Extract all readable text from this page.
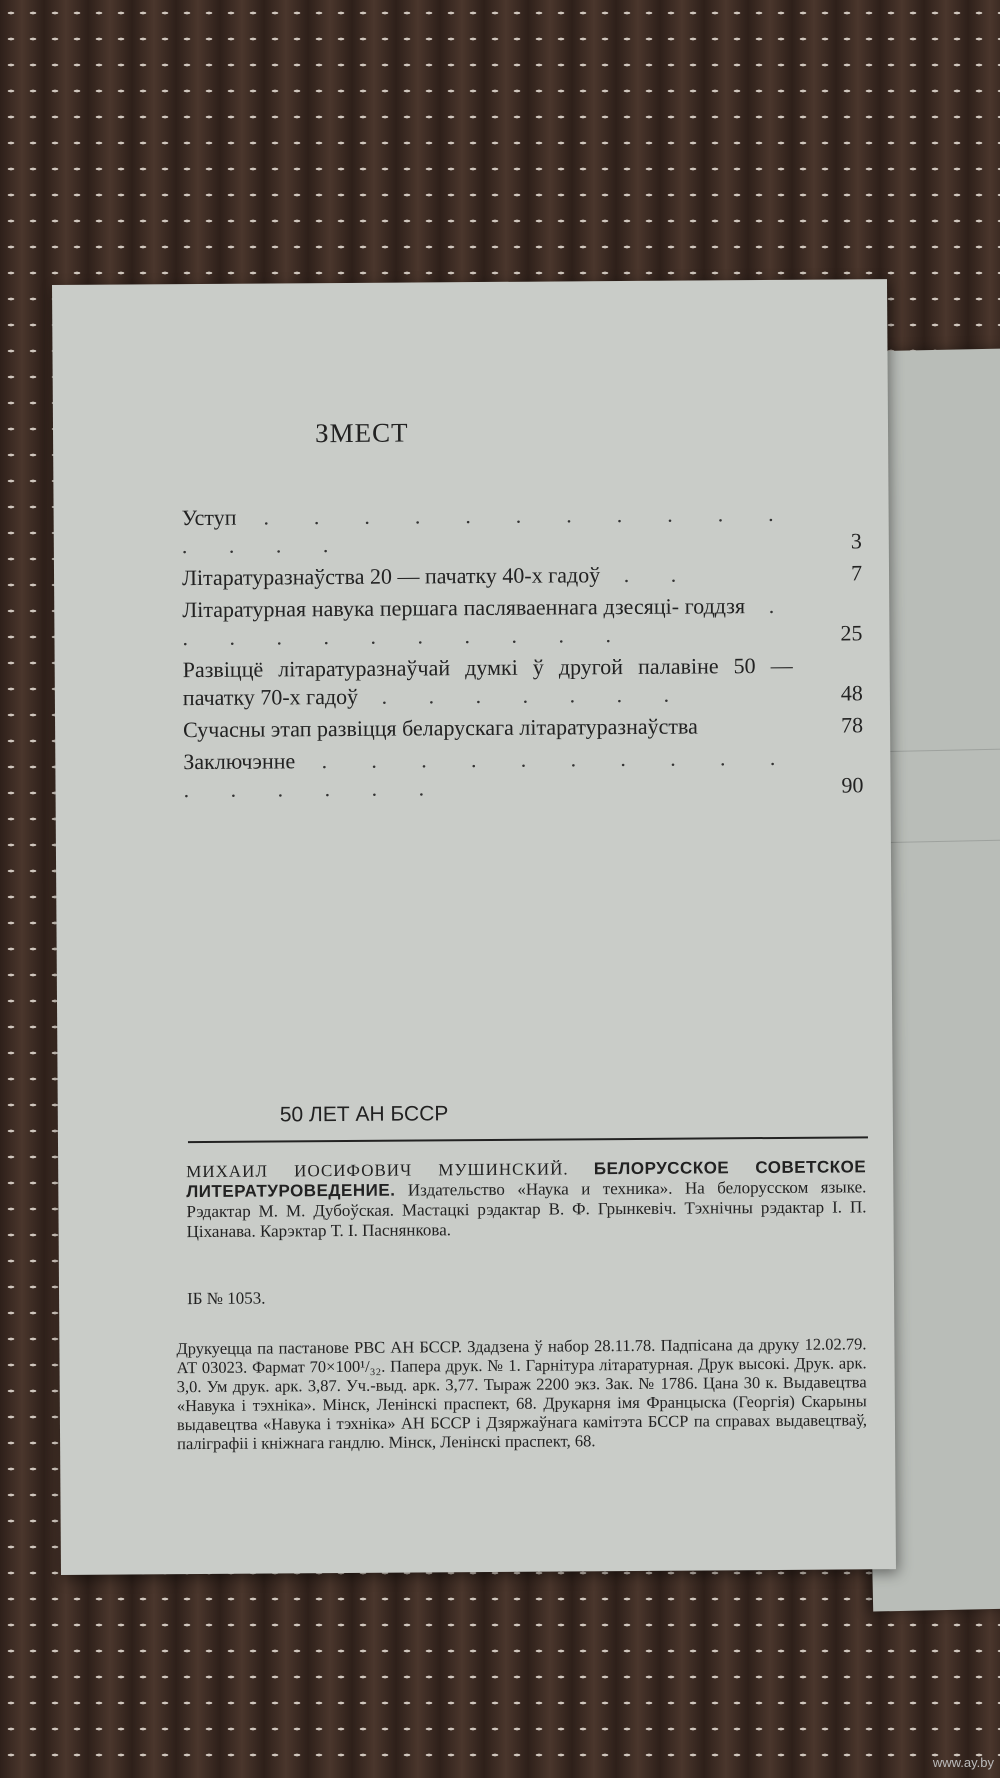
ЗМЕСТ
Уступ . . . . . . . . . . . . . . .	3
Літаратуразнаўства 20 — пачатку 40-х гадоў . .	7
Літаратурная навука першага пасляваеннага дзесяці- годдзя . . . . . . . . . . .	25
Развіццё літаратуразнаўчай думкі ў другой палавіне 50 — пачатку 70-х гадоў . . . . . . .	48
Сучасны этап развіцця беларускага літаратуразнаўства	78
Заключэнне . . . . . . . . . . . . . . . .	90
50 ЛЕТ АН БССР
МИХАИЛ ИОСИФОВИЧ МУШИНСКИЙ. БЕЛОРУССКОЕ СОВЕТСКОЕ ЛИТЕРАТУРОВЕДЕНИЕ. Издательство «Наука и техника». На белорусском языке. Рэдактар М. М. Дубоўская. Мастацкі рэдактар В. Ф. Грынкевіч. Тэхнічны рэдактар І. П. Ціханава. Карэктар Т. І. Паснянкова.
ІБ № 1053.
Друкуецца па пастанове РВС АН БССР. Здадзена ў набор 28.11.78. Падпісана да друку 12.02.79. АТ 03023. Фармат 70×100¹/₃₂. Папера друк. № 1. Гарнітура літаратурная. Друк высокі. Друк. арк. 3,0. Ум друк. арк. 3,87. Уч.-выд. арк. 3,77. Тыраж 2200 экз. Зак. № 1786. Цана 30 к. Выдавецтва «Навука і тэхніка». Мінск, Ленінскі праспект, 68. Друкарня імя Францыска (Георгія) Скарыны выдавецтва «Навука і тэхніка» АН БССР і Дзяржаўнага камітэта БССР па справах выдавецтваў, паліграфіі і кніжнага гандлю. Мінск, Ленінскі праспект, 68.
www.ay.by
